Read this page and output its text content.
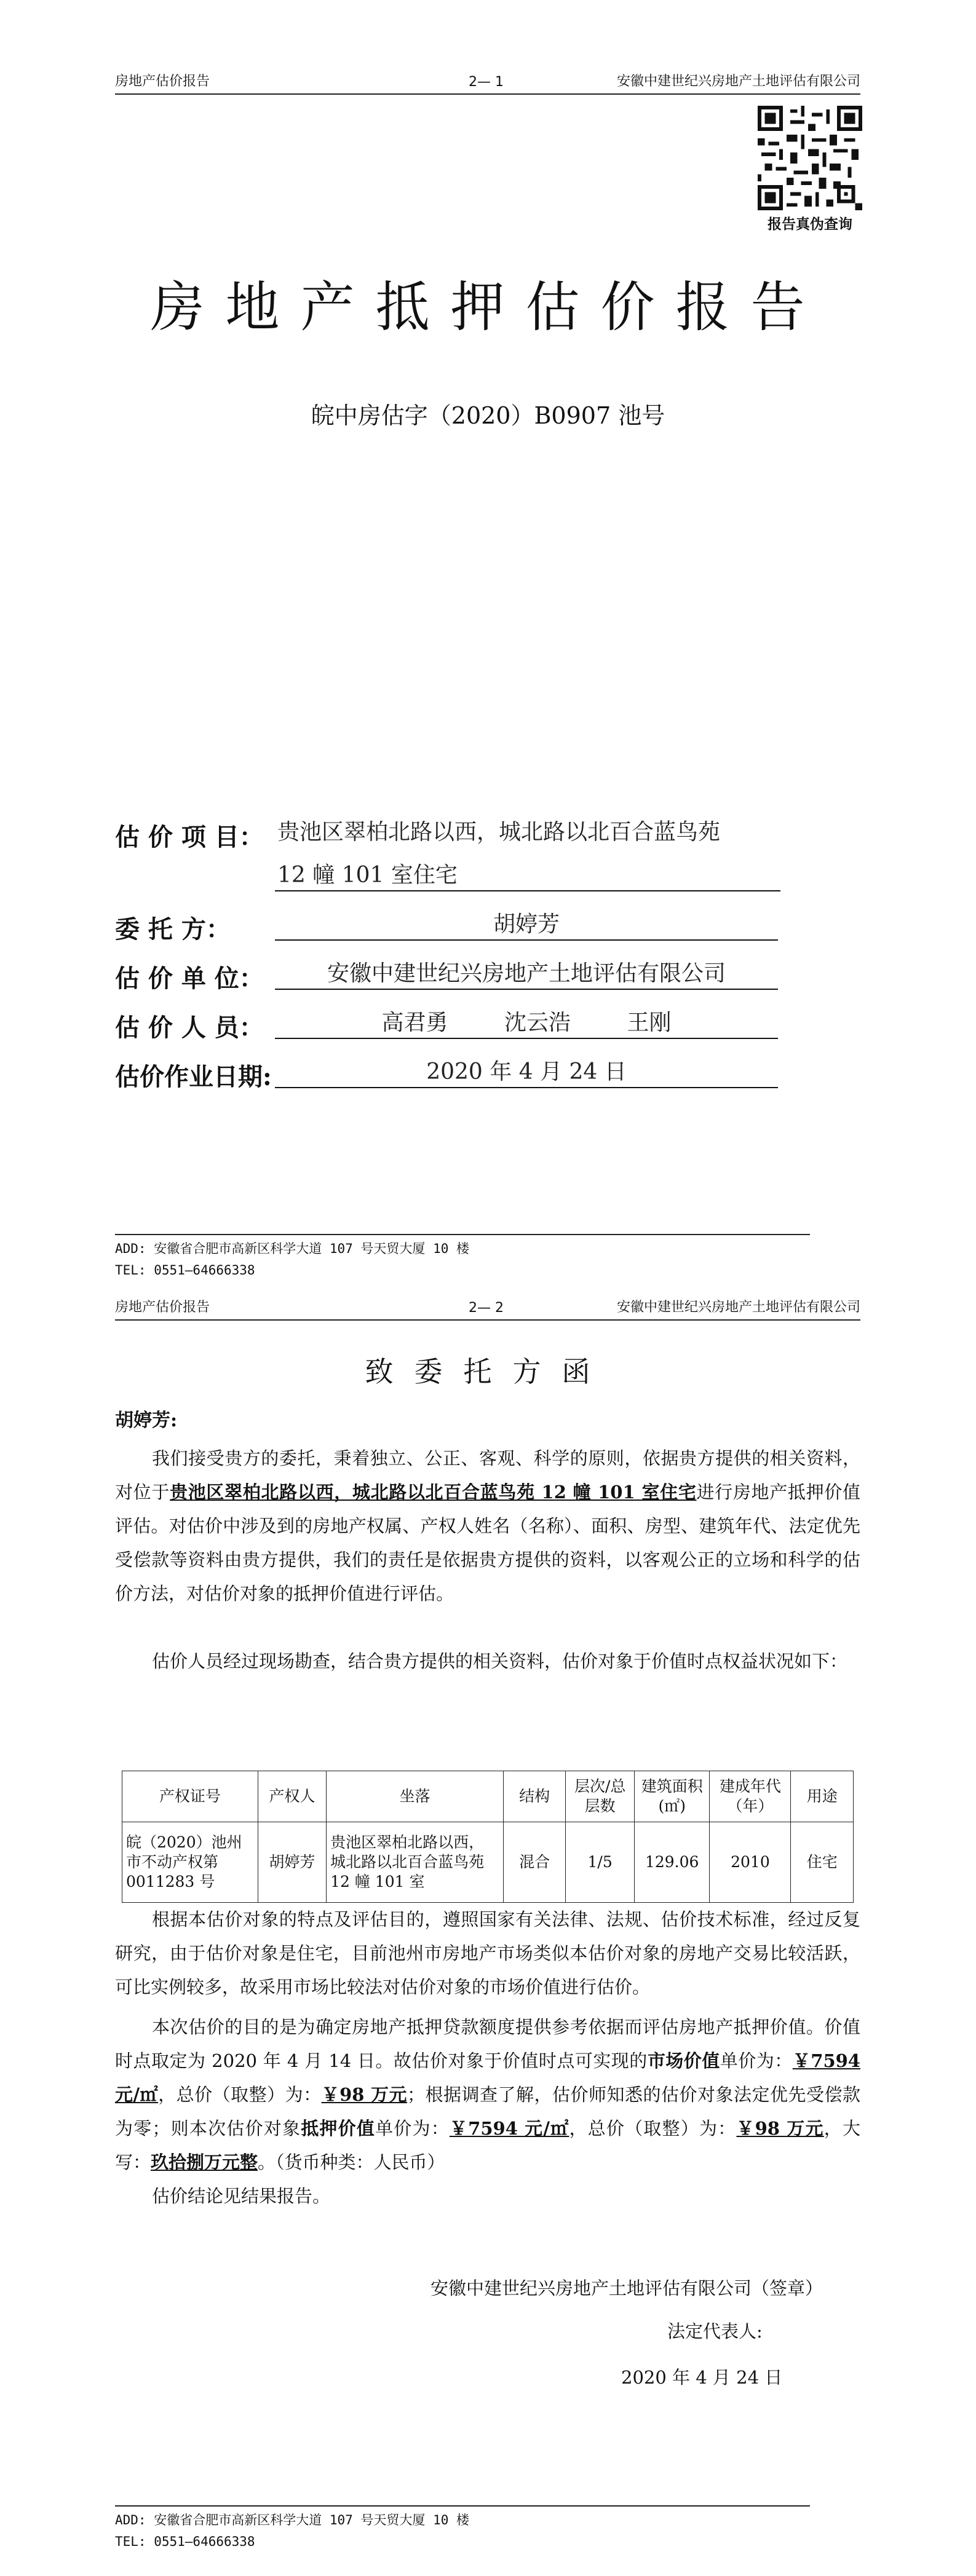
房地产估价报告	2— 1	安徽中建世纪兴房地产土地评估有限公司
报告真伪查询
房地产抵押估价报告
皖中房估字（2020）B0907 池号
估 价 项 目： 贵池区翠柏北路以西，城北路以北百合蓝鸟苑
12 幢 101 室住宅
委 托 方：	胡婷芳
估 价 单 位：	安徽中建世纪兴房地产土地评估有限公司
估 价 人 员：	高君勇	沈云浩	王刚
估价作业日期:	2020 年 4 月 24 日
ADD: 安徽省合肥市高新区科学大道 107 号天贸大厦 10 楼
TEL: 0551—64666338
房地产估价报告	2— 2	安徽中建世纪兴房地产土地评估有限公司
致委托方函
胡婷芳:
我们接受贵方的委托，秉着独立、公正、客观、科学的原则，依据贵方提供的相关资料，对位于贵池区翠柏北路以西，城北路以北百合蓝鸟苑 12 幢 101 室住宅进行房地产抵押价值评估。对估价中涉及到的房地产权属、产权人姓名（名称）、面积、房型、建筑年代、法定优先受偿款等资料由贵方提供，我们的责任是依据贵方提供的资料，以客观公正的立场和科学的估价方法，对估价对象的抵押价值进行评估。
估价人员经过现场勘查，结合贵方提供的相关资料，估价对象于价值时点权益状况如下：
产权证号	产权人	坐落	结构	层次/总层数	建筑面积(㎡)	建成年代（年）	用途
皖（2020）池州市不动产权第0011283 号	胡婷芳	贵池区翠柏北路以西，城北路以北百合蓝鸟苑 12 幢 101 室	混合	1/5	129.06	2010	住宅
根据本估价对象的特点及评估目的，遵照国家有关法律、法规、估价技术标准，经过反复研究，由于估价对象是住宅，目前池州市房地产市场类似本估价对象的房地产交易比较活跃，可比实例较多，故采用市场比较法对估价对象的市场价值进行估价。
本次估价的目的是为确定房地产抵押贷款额度提供参考依据而评估房地产抵押价值。价值时点取定为 2020 年 4 月 14 日。故估价对象于价值时点可实现的市场价值单价为：￥7594 元/㎡，总价（取整）为：￥98 万元；根据调查了解，估价师知悉的估价对象法定优先受偿款为零；则本次估价对象抵押价值单价为：￥7594 元/㎡，总价（取整）为：￥98 万元，大写：玖拾捌万元整。（货币种类：人民币）
估价结论见结果报告。
安徽中建世纪兴房地产土地评估有限公司（签章）
法定代表人:
2020 年 4 月 24 日
ADD: 安徽省合肥市高新区科学大道 107 号天贸大厦 10 楼
TEL: 0551—64666338
